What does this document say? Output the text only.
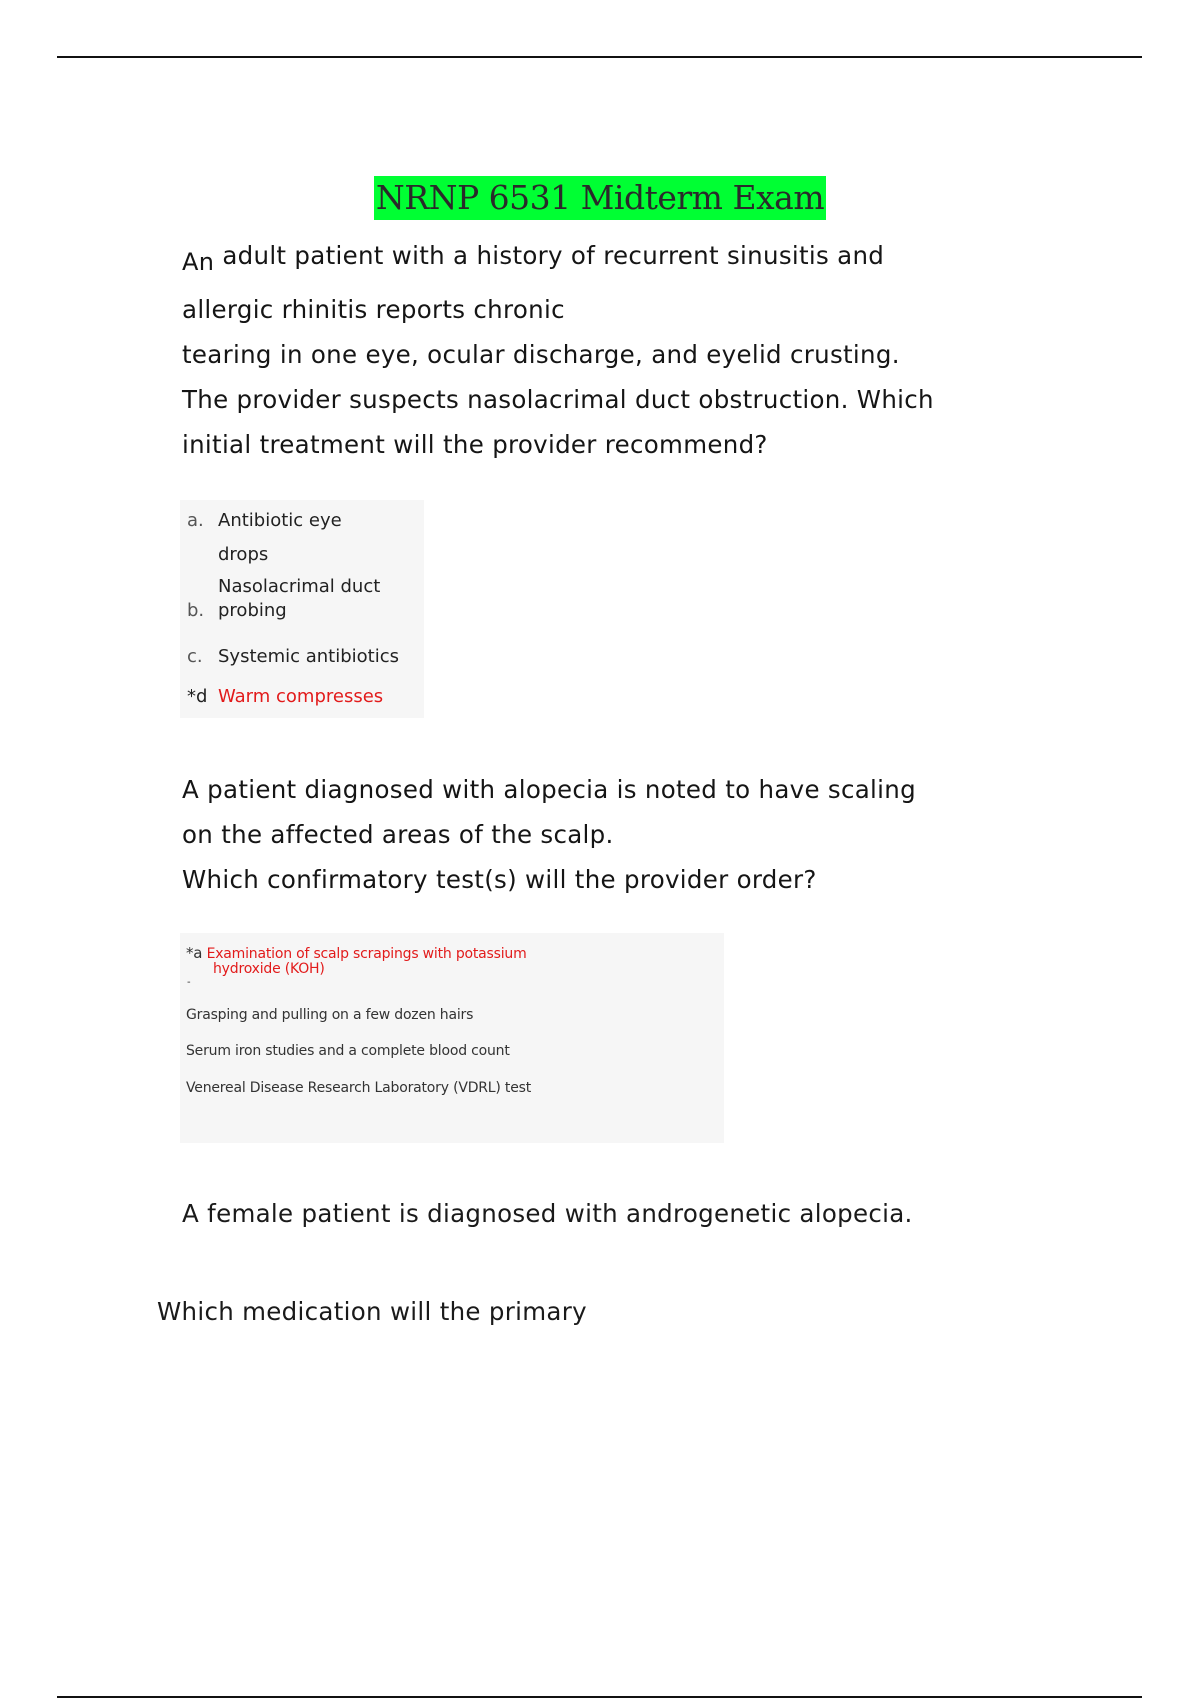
NRNP 6531 Midterm Exam
An adult patient with a history of recurrent sinusitis and
allergic rhinitis reports chronic
tearing in one eye, ocular discharge, and eyelid crusting.
The provider suspects nasolacrimal duct obstruction. Which
initial treatment will the provider recommend?
a. Antibiotic eye
drops
Nasolacrimal duct
b. probing
c. Systemic antibiotics
*d Warm compresses
A patient diagnosed with alopecia is noted to have scaling
on the affected areas of the scalp.
Which confirmatory test(s) will the provider order?
*a Examination of scalp scrapings with potassium
hydroxide (KOH)
-
Grasping and pulling on a few dozen hairs
Serum iron studies and a complete blood count
Venereal Disease Research Laboratory (VDRL) test
A female patient is diagnosed with androgenetic alopecia.
Which medication will the primary
